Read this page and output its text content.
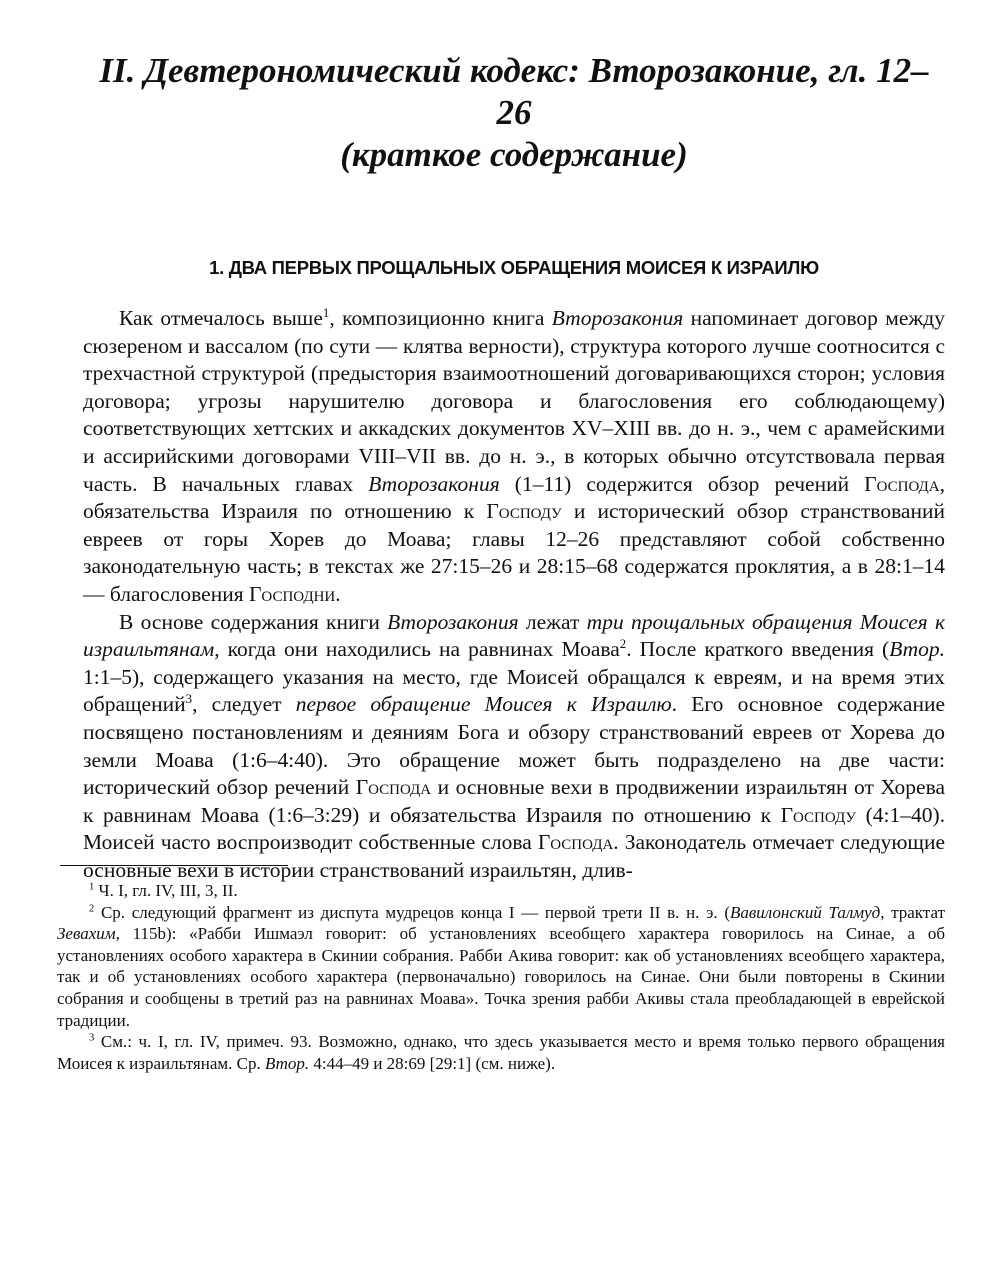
II. Девтерономический кодекс: Второзаконие, гл. 12–26
(краткое содержание)
1. ДВА ПЕРВЫХ ПРОЩАЛЬНЫХ ОБРАЩЕНИЯ МОИСЕЯ К ИЗРАИЛЮ

Как отмечалось выше$^1$, композиционно книга Второзакония напоминает договор между сюзереном и вассалом (по сути — клятва верности), структура которого лучше соотносится с трехчастной структурой (предыстория взаимоотношений договаривающихся сторон; условия договора; угрозы нарушителю договора и благословения его соблюдающему) соответствующих хеттских и аккадских документов XV–XIII вв. до н. э., чем с арамейскими и ассирийскими договорами VIII–VII вв. до н. э., в которых обычно отсутствовала первая часть. В начальных главах Второзакония (1–11) содержится обзор речений Господа, обязательства Израиля по отношению к Господу и исторический обзор странствований евреев от горы Хорев до Моава; главы 12–26 представляют собой собственно законодательную часть; в текстах же 27:15–26 и 28:15–68 содержатся проклятия, а в 28:1–14 — благословения Господни.

В основе содержания книги Второзакония лежат три прощальных обращения Моисея к израильтянам, когда они находились на равнинах Моава$^2$. После краткого введения (Втор. 1:1–5), содержащего указания на место, где Моисей обращался к евреям, и на время этих обращений$^3$, следует первое обращение Моисея к Израилю. Его основное содержание посвящено постановлениям и деяниям Бога и обзору странствований евреев от Хорева до земли Моава (1:6–4:40). Это обращение может быть подразделено на две части: исторический обзор речений Господа и основные вехи в продвижении израильтян от Хорева к равнинам Моава (1:6–3:29) и обязательства Израиля по отношению к Господу (4:1–40). Моисей часто воспроизводит собственные слова Господа. Законодатель отмечает следующие основные вехи в истории странствований израильтян, длив-

$^1$ Ч. I, гл. IV, III, 3, II.

$^2$ Ср. следующий фрагмент из диспута мудрецов конца I — первой трети II в. н. э. (Вавилонский Талмуд, трактат Зевахим, 115b): «Рабби Ишмаэл говорит: об установлениях всеобщего характера говорилось на Синае, а об установлениях особого характера в Скинии собрания. Рабби Акива говорит: как об установлениях всеобщего характера, так и об установлениях особого характера (первоначально) говорилось на Синае. Они были повторены в Скинии собрания и сообщены в третий раз на равнинах Моава». Точка зрения рабби Акивы стала преобладающей в еврейской традиции.

$^3$ См.: ч. I, гл. IV, примеч. 93. Возможно, однако, что здесь указывается место и время только первого обращения Моисея к израильтянам. Ср. Втор. 4:44–49 и 28:69 [29:1] (см. ниже).
